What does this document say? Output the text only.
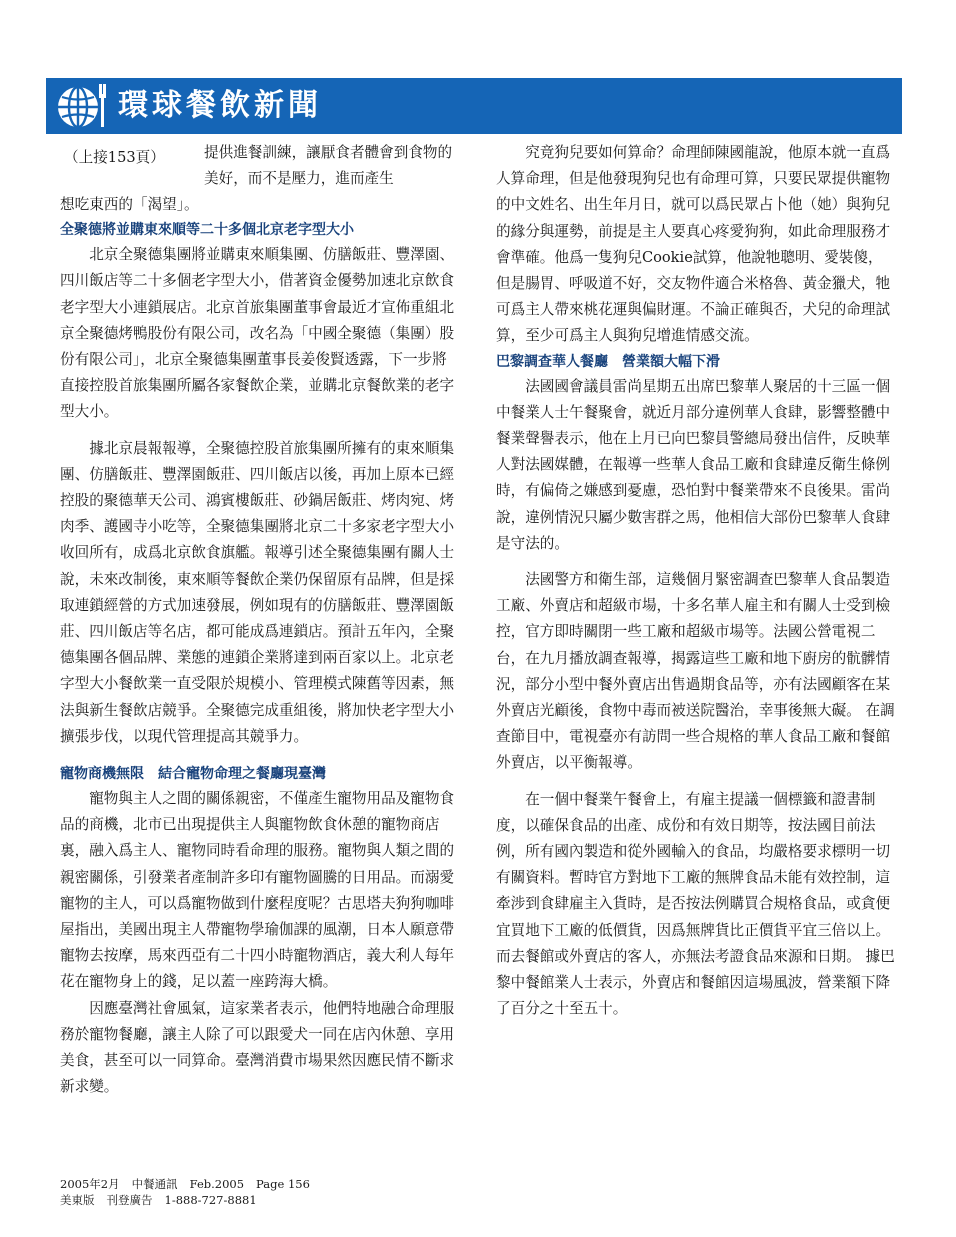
環球餐飲新聞
（上接153頁）	提供進餐訓練，讓厭食者體會到食物的美好，而不是壓力，進而產生
想吃東西的「渴望」。
全聚德將並購東來順等二十多個北京老字型大小

北京全聚德集團將並購東來順集團、仿膳飯莊、豐澤園、四川飯店等二十多個老字型大小，借著資金優勢加速北京飲食老字型大小連鎖展店。北京首旅集團董事會最近才宣佈重組北京全聚德烤鴨股份有限公司，改名為「中國全聚德（集團）股份有限公司」，北京全聚德集團董事長姜俊賢透露，下一步將直接控股首旅集團所屬各家餐飲企業，並購北京餐飲業的老字型大小。

據北京晨報報導，全聚德控股首旅集團所擁有的東來順集團、仿膳飯莊、豐澤園飯莊、四川飯店以後，再加上原本已經控股的聚德華天公司、鴻賓樓飯莊、砂鍋居飯莊、烤肉宛、烤肉季、護國寺小吃等，全聚德集團將北京二十多家老字型大小收回所有，成爲北京飲食旗艦。報導引述全聚德集團有關人士說，未來改制後，東來順等餐飲企業仍保留原有品牌，但是採取連鎖經營的方式加速發展，例如現有的仿膳飯莊、豐澤園飯莊、四川飯店等名店，都可能成爲連鎖店。預計五年內，全聚德集團各個品牌、業態的連鎖企業將達到兩百家以上。北京老字型大小餐飲業一直受限於規模小、管理模式陳舊等因素，無法與新生餐飲店競爭。全聚德完成重組後，將加快老字型大小擴張步伐，以現代管理提高其競爭力。

寵物商機無限　結合寵物命理之餐廳現臺灣

寵物與主人之間的關係親密，不僅產生寵物用品及寵物食品的商機，北市已出現提供主人與寵物飲食休憩的寵物商店裏，融入爲主人、寵物同時看命理的服務。寵物與人類之間的親密關係，引發業者產制許多印有寵物圖騰的日用品。而溺愛寵物的主人，可以爲寵物做到什麼程度呢？古思塔夫狗狗咖啡屋指出，美國出現主人帶寵物學瑜伽課的風潮，日本人願意帶寵物去按摩，馬來西亞有二十四小時寵物酒店，義大利人每年花在寵物身上的錢，足以蓋一座跨海大橋。

因應臺灣社會風氣，這家業者表示，他們特地融合命理服務於寵物餐廳，讓主人除了可以跟愛犬一同在店內休憩、享用美食，甚至可以一同算命。臺灣消費市場果然因應民情不斷求新求變。

究竟狗兒要如何算命？命理師陳國龍說，他原本就一直爲人算命理，但是他發現狗兒也有命理可算，只要民眾提供寵物的中文姓名、出生年月日，就可以爲民眾占卜他（她）與狗兒的緣分與運勢，前提是主人要真心疼愛狗狗，如此命理服務才會準確。他爲一隻狗兒Cookie試算，他說牠聰明、愛裝傻，但是腸胃、呼吸道不好，交友物件適合米格魯、黃金獵犬，牠可爲主人帶來桃花運與偏財運。不論正確與否，犬兒的命理試算，至少可爲主人與狗兒增進情感交流。

巴黎調查華人餐廳　營業額大幅下滑

法國國會議員雷尚星期五出席巴黎華人聚居的十三區一個中餐業人士午餐聚會，就近月部分違例華人食肆，影響整體中餐業聲譽表示，他在上月已向巴黎員警總局發出信件，反映華人對法國媒體，在報導一些華人食品工廠和食肆違反衛生條例時，有偏倚之嫌感到憂慮，恐怕對中餐業帶來不良後果。雷尚說，違例情況只屬少數害群之馬，他相信大部份巴黎華人食肆是守法的。

法國警方和衛生部，這幾個月緊密調查巴黎華人食品製造工廠、外賣店和超級市場，十多名華人雇主和有關人士受到檢控，官方即時關閉一些工廠和超級市場等。法國公營電視二台，在九月播放調查報導，揭露這些工廠和地下廚房的骯髒情況，部分小型中餐外賣店出售過期食品等，亦有法國顧客在某外賣店光顧後，食物中毒而被送院醫治，幸事後無大礙。 在調查節目中，電視臺亦有訪問一些合規格的華人食品工廠和餐館外賣店，以平衡報導。

在一個中餐業午餐會上，有雇主提議一個標籤和證書制度，以確保食品的出產、成份和有效日期等，按法國目前法例，所有國內製造和從外國輸入的食品，均嚴格要求標明一切有關資料。暫時官方對地下工廠的無牌食品未能有效控制，這牽涉到食肆雇主入貨時，是否按法例購買合規格食品，或貪便宜買地下工廠的低價貨，因爲無牌貨比正價貨平宜三倍以上。而去餐館或外賣店的客人，亦無法考證食品來源和日期。 據巴黎中餐館業人士表示，外賣店和餐館因這場風波，營業額下降了百分之十至五十。

2005年2月 中餐通訊 Feb.2005 Page 156
美東版 刊登廣告 1-888-727-8881
